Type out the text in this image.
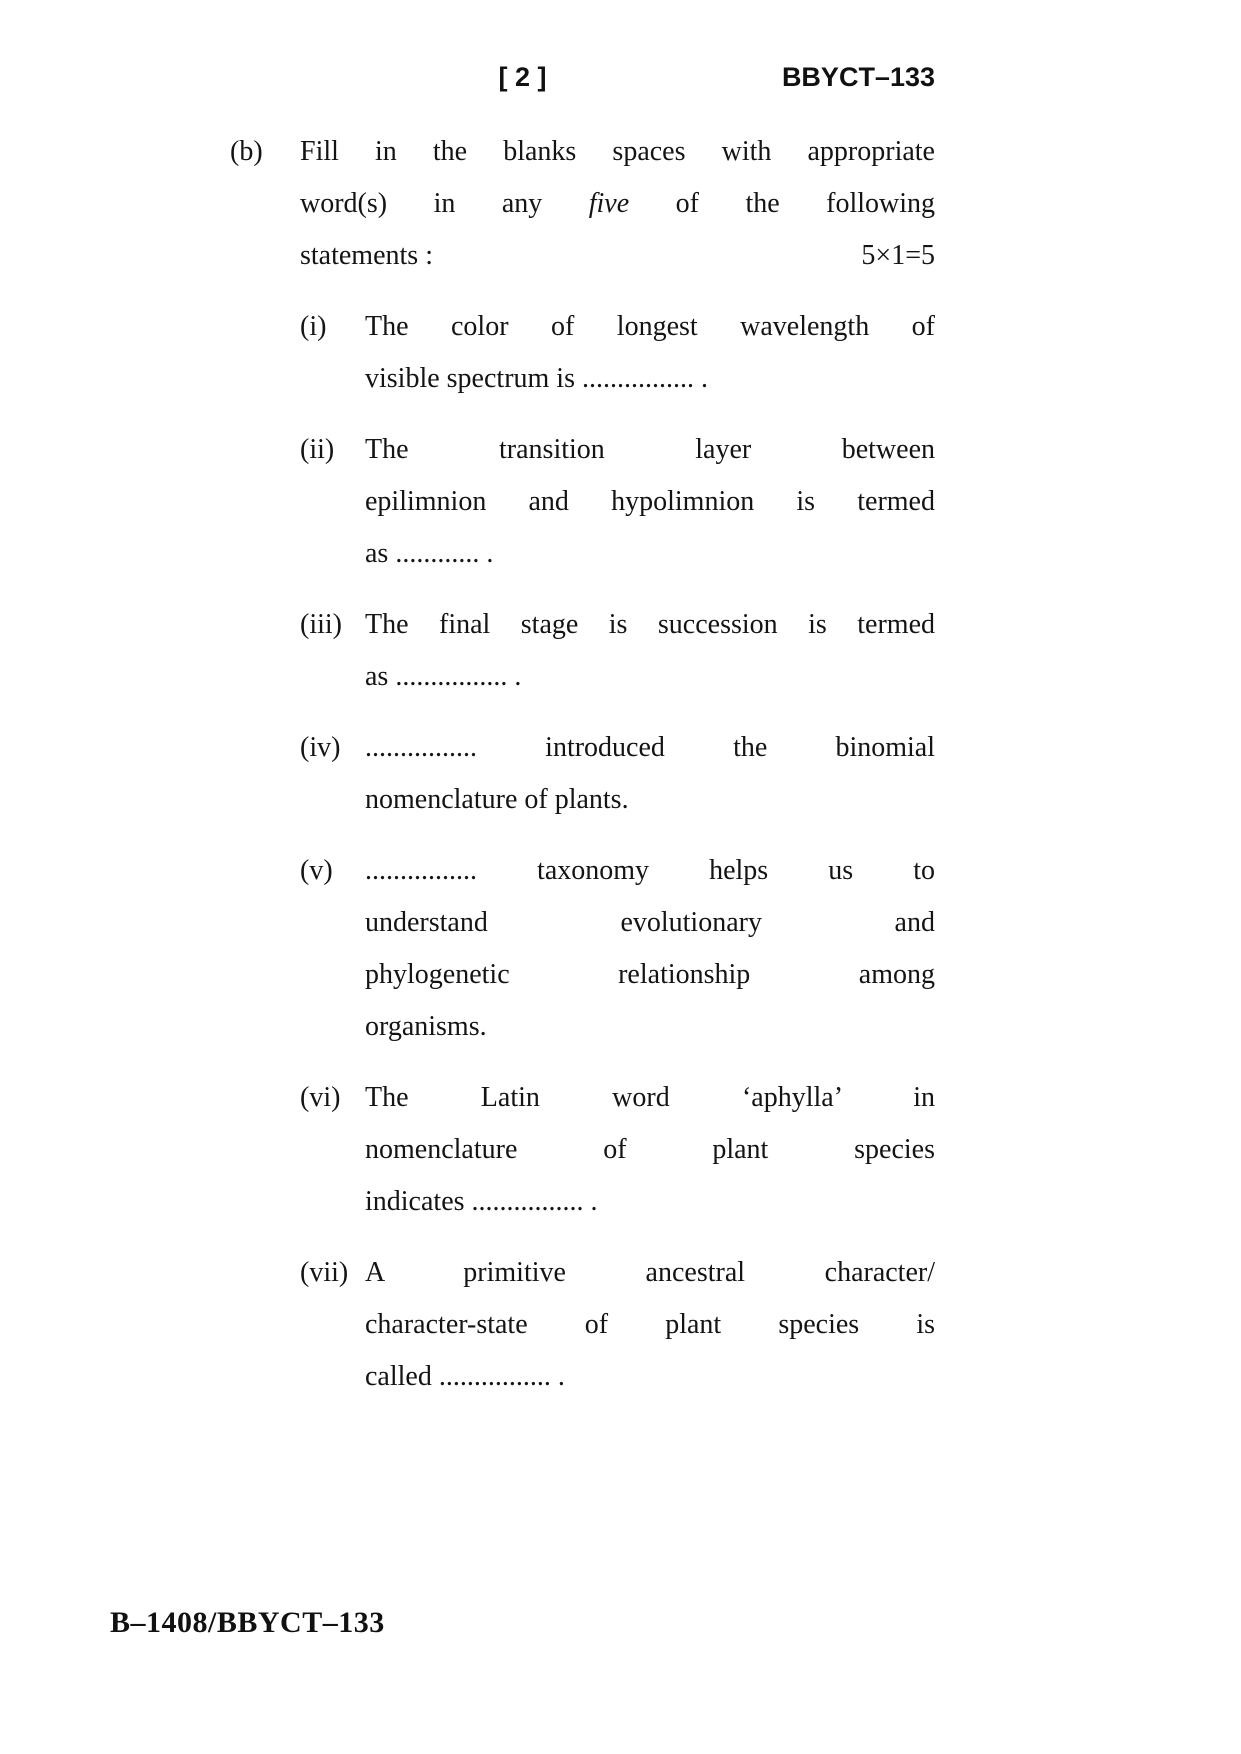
[ 2 ]	BBYCT–133
(b)	Fill in the blanks spaces with appropriate
word(s) in any five of the following
statements :	5×1=5
(i)	The color of longest wavelength of
visible spectrum is ................ .
(ii)	The transition layer between
epilimnion and hypolimnion is termed
as ............ .
(iii) The final stage is succession is termed
as ................ .
(iv) ................ introduced the binomial
nomenclature of plants.
(v)	................ taxonomy helps us to
understand evolutionary and
phylogenetic relationship among
organisms.
(vi) The Latin word ‘aphylla’ in
nomenclature of plant species
indicates ................ .
(vii) A primitive ancestral character/
character-state of plant species is
called ................ .
B–1408/BBYCT–133
